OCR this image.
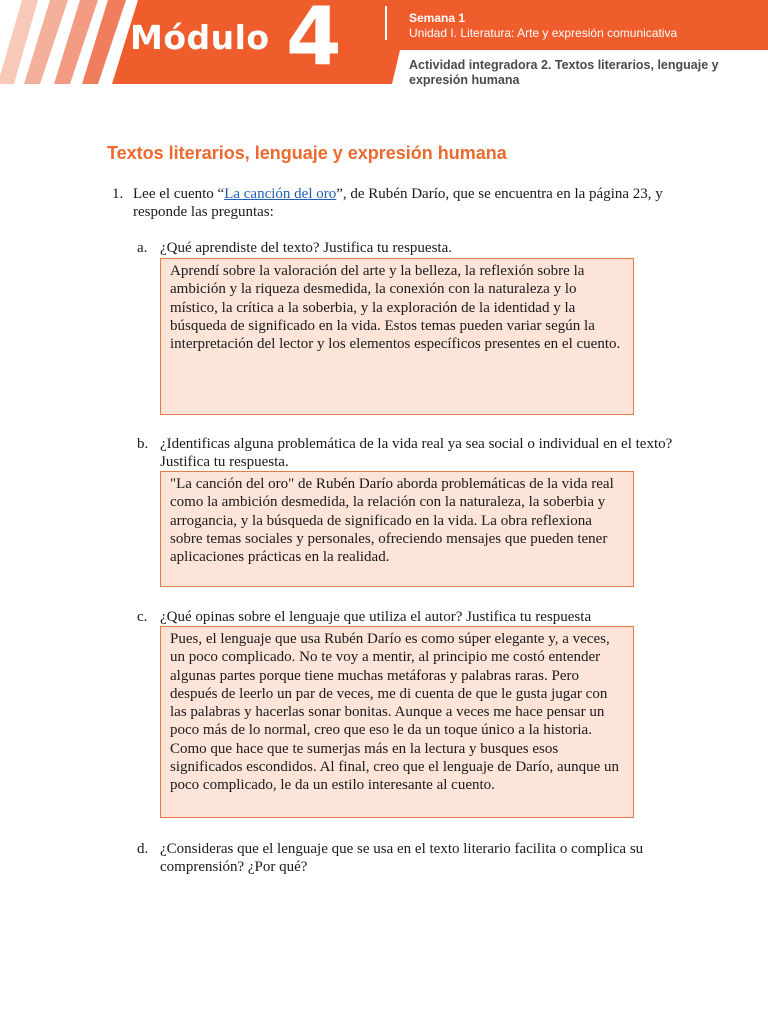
Módulo 4	Semana 1
Unidad I. Literatura: Arte y expresión comunicativa
Actividad integradora 2. Textos literarios, lenguaje y expresión humana
Textos literarios, lenguaje y expresión humana
1. Lee el cuento “La canción del oro”, de Rubén Darío, que se encuentra en la página 23, y responde las preguntas:
a. ¿Qué aprendiste del texto? Justifica tu respuesta.

Aprendí sobre la valoración del arte y la belleza, la reflexión sobre la ambición y la riqueza desmedida, la conexión con la naturaleza y lo místico, la crítica a la soberbia, y la exploración de la identidad y la búsqueda de significado en la vida. Estos temas pueden variar según la interpretación del lector y los elementos específicos presentes en el cuento.

b. ¿Identificas alguna problemática de la vida real ya sea social o individual en el texto? Justifica tu respuesta.

"La canción del oro" de Rubén Darío aborda problemáticas de la vida real como la ambición desmedida, la relación con la naturaleza, la soberbia y arrogancia, y la búsqueda de significado en la vida. La obra reflexiona sobre temas sociales y personales, ofreciendo mensajes que pueden tener aplicaciones prácticas en la realidad.

c. ¿Qué opinas sobre el lenguaje que utiliza el autor? Justifica tu respuesta

Pues, el lenguaje que usa Rubén Darío es como súper elegante y, a veces, un poco complicado. No te voy a mentir, al principio me costó entender algunas partes porque tiene muchas metáforas y palabras raras. Pero después de leerlo un par de veces, me di cuenta de que le gusta jugar con las palabras y hacerlas sonar bonitas. Aunque a veces me hace pensar un poco más de lo normal, creo que eso le da un toque único a la historia. Como que hace que te sumerjas más en la lectura y busques esos significados escondidos. Al final, creo que el lenguaje de Darío, aunque un poco complicado, le da un estilo interesante al cuento.

d. ¿Consideras que el lenguaje que se usa en el texto literario facilita o complica su comprensión? ¿Por qué?
